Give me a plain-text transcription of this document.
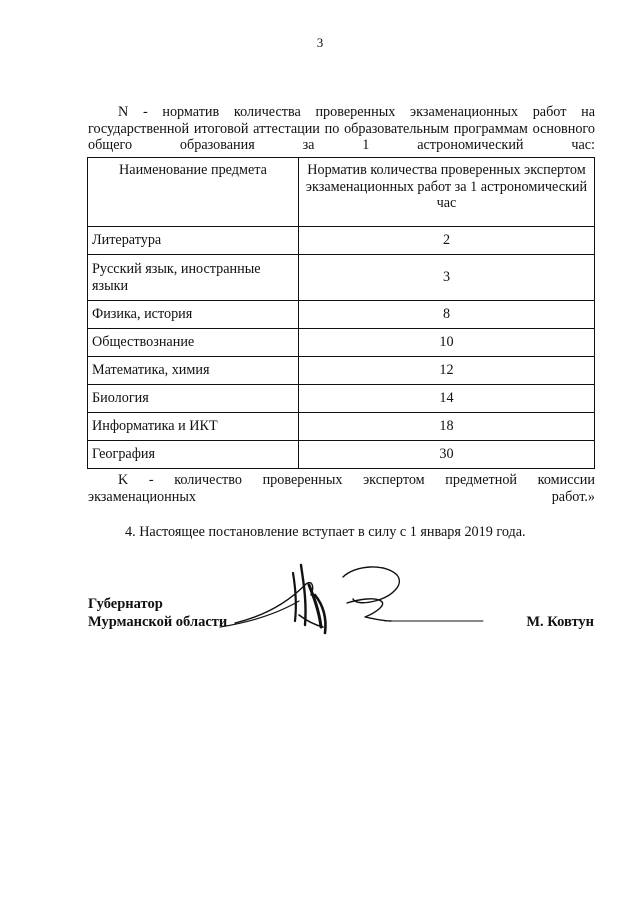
3

N - норматив количества проверенных экзаменационных работ на государственной итоговой аттестации по образовательным программам основного общего образования за 1 астрономический час:

Наименование предмета	Норматив количества проверенных экспертом экзаменационных работ за 1 астрономический час
Литература	2
Русский язык, иностранные языки	3
Физика, история	8
Обществознание	10
Математика, химия	12
Биология	14
Информатика и ИКТ	18
География	30

K - количество проверенных экспертом предметной комиссии экзаменационных работ.»

4. Настоящее постановление вступает в силу с 1 января 2019 года.

Губернатор
Мурманской области	М. Ковтун
